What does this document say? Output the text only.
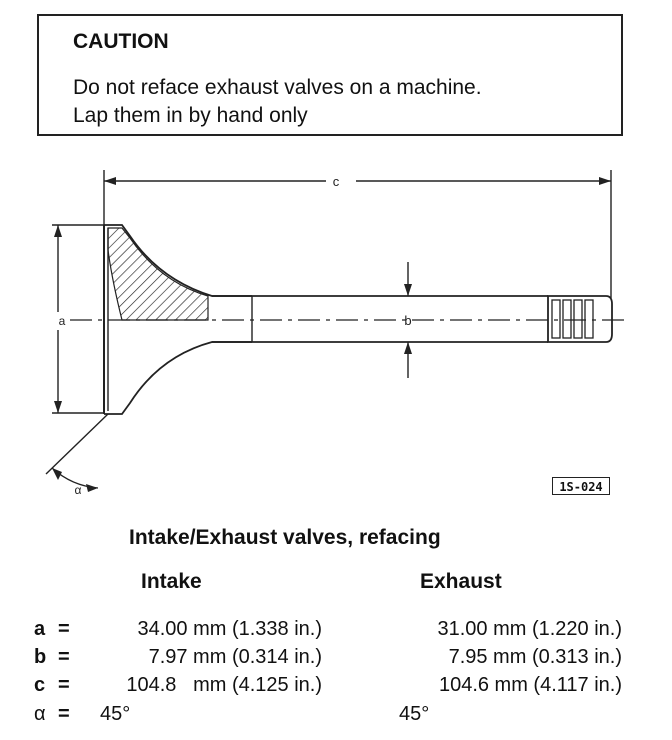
CAUTION
Do not reface exhaust valves on a machine.
Lap them in by hand only
c
a	b
α	1S-024
Intake/Exhaust valves, refacing
Intake	Exhaust
a =	34.00 mm (1.338 in.)	31.00 mm (1.220 in.)
b =	7.97 mm (0.314 in.)	7.95 mm (0.313 in.)
c =	104.8   mm (4.125 in.)	104.6 mm (4.117 in.)
α = 45°	45°
